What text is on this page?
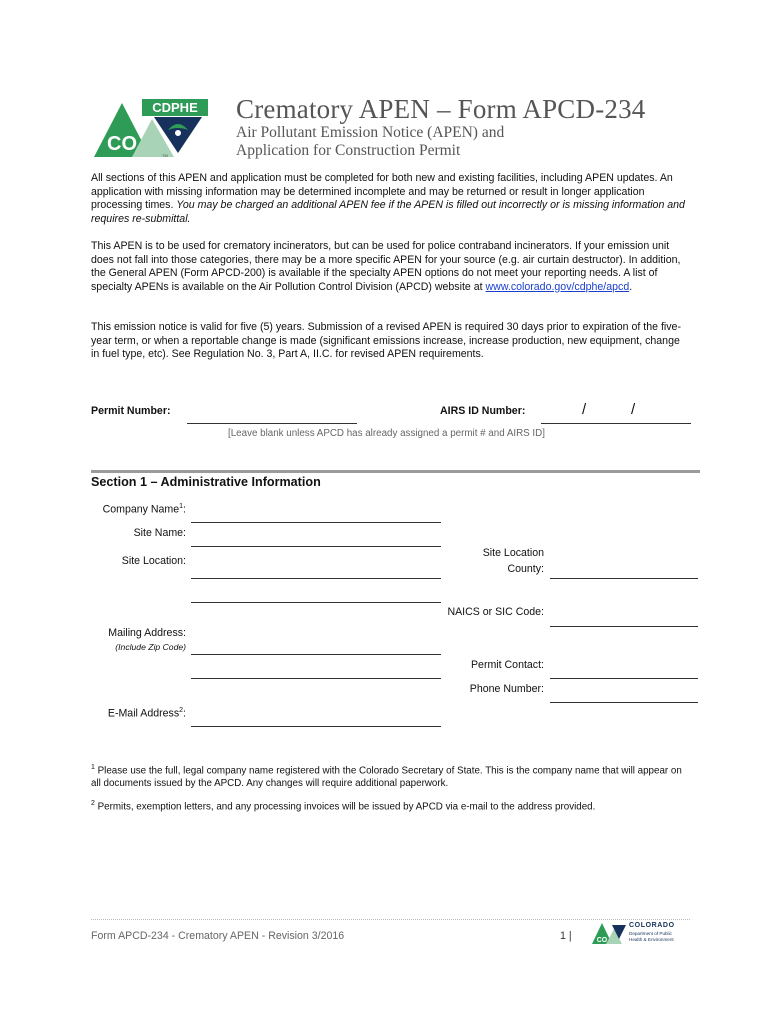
CDPHE
CO
TM
Crematory APEN – Form APCD-234
Air Pollutant Emission Notice (APEN) and
Application for Construction Permit
All sections of this APEN and application must be completed for both new and existing facilities, including APEN updates. An application with missing information may be determined incomplete and may be returned or result in longer application processing times. You may be charged an additional APEN fee if the APEN is filled out incorrectly or is missing information and requires re-submittal.
This APEN is to be used for crematory incinerators, but can be used for police contraband incinerators. If your emission unit does not fall into those categories, there may be a more specific APEN for your source (e.g. air curtain destructor). In addition, the General APEN (Form APCD-200) is available if the specialty APEN options do not meet your reporting needs. A list of specialty APENs is available on the Air Pollution Control Division (APCD) website at www.colorado.gov/cdphe/apcd.
This emission notice is valid for five (5) years. Submission of a revised APEN is required 30 days prior to expiration of the five-year term, or when a reportable change is made (significant emissions increase, increase production, new equipment, change in fuel type, etc). See Regulation No. 3, Part A, II.C. for revised APEN requirements.
Permit Number:	AIRS ID Number:	/	/
[Leave blank unless APCD has already assigned a permit # and AIRS ID]
Section 1 – Administrative Information
Company Name$^1$:
Site Name:
Site Location:
Site Location
County:
NAICS or SIC Code:
Mailing Address:
(Include Zip Code)
Permit Contact:
Phone Number:
E-Mail Address$^2$:
$^1$ Please use the full, legal company name registered with the Colorado Secretary of State. This is the company name that will appear on all documents issued by the APCD. Any changes will require additional paperwork.
$^2$ Permits, exemption letters, and any processing invoices will be issued by APCD via e-mail to the address provided.
Form APCD-234 - Crematory APEN - Revision 3/2016	1 |	CO
COLORADO
Department of Public
Health & Environment
